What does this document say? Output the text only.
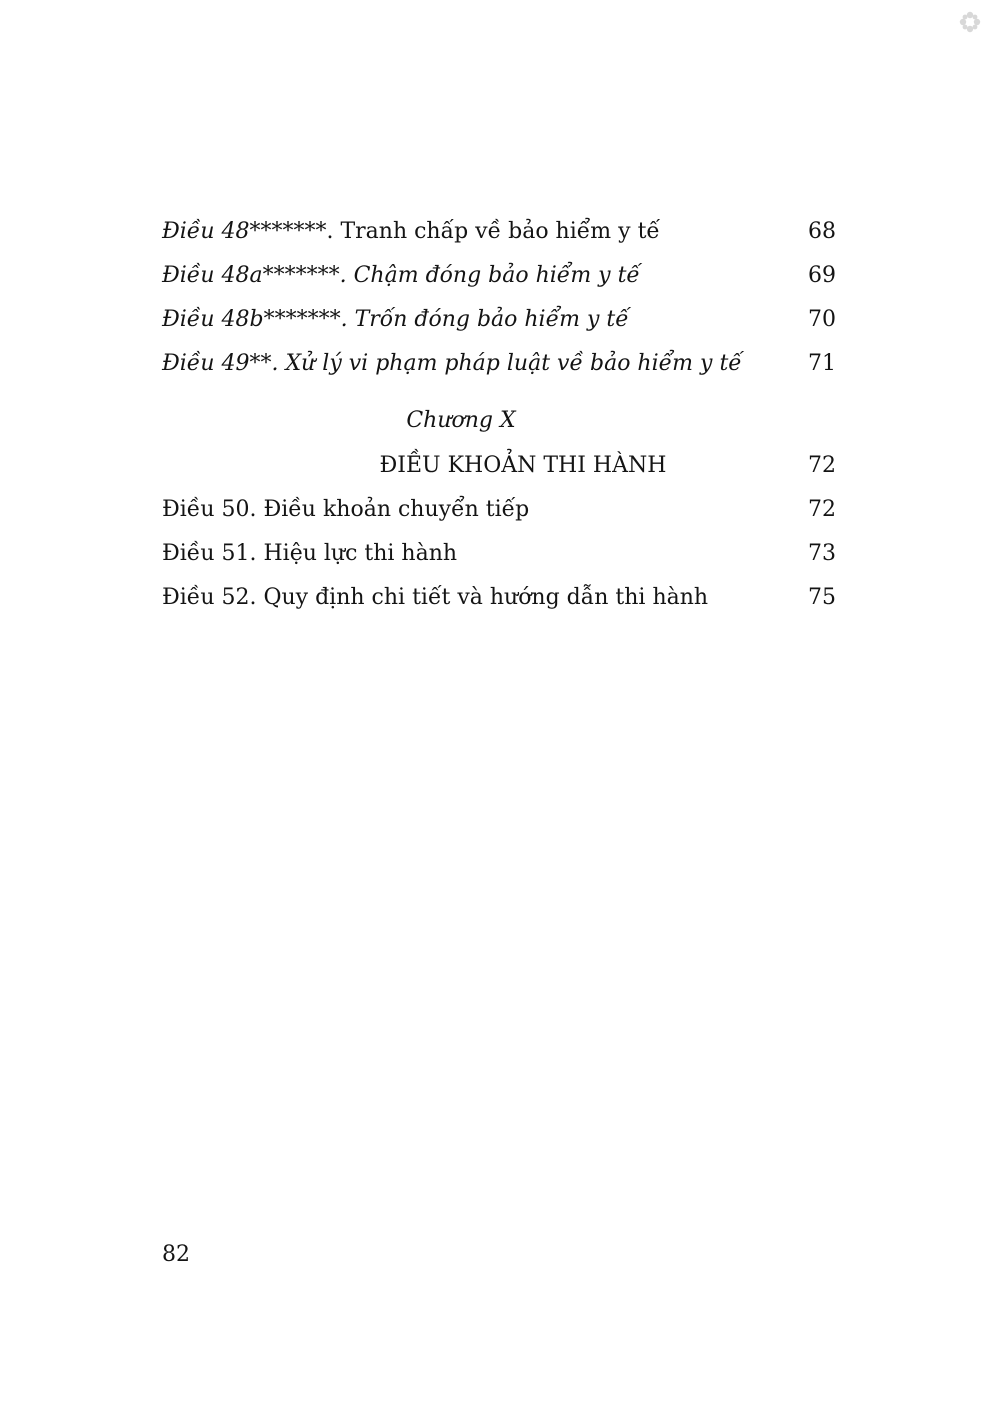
Điều 48*******. Tranh chấp về bảo hiểm y tế	68
Điều 48a*******. Chậm đóng bảo hiểm y tế	69
Điều 48b*******. Trốn đóng bảo hiểm y tế	70
Điều 49**. Xử lý vi phạm pháp luật về bảo hiểm y tế	71
Chương X
ĐIỀU KHOẢN THI HÀNH	72
Điều 50. Điều khoản chuyển tiếp	72
Điều 51. Hiệu lực thi hành	73
Điều 52. Quy định chi tiết và hướng dẫn thi hành	75
82
